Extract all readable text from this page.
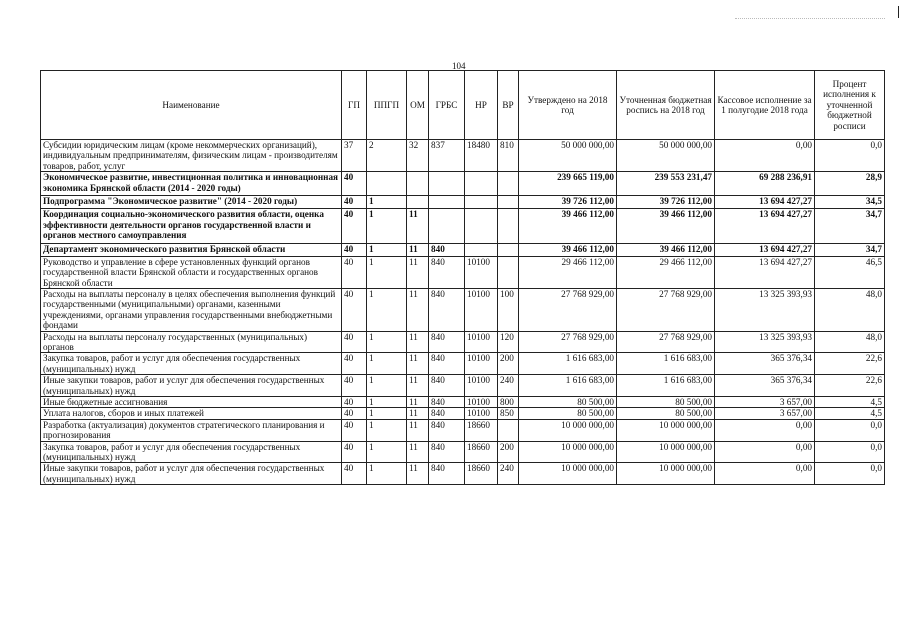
104
Наименование	ГП	ППГП	ОМ	ГРБС	НР	ВР	Утверждено на 2018 год	Уточненная бюджетная роспись на 2018 год	Кассовое исполнение за 1 полугодие 2018 года	Процент исполнения к уточненной бюджетной росписи
Субсидии юридическим лицам (кроме некоммерческих организаций), индивидуальным предпринимателям, физическим лицам - производителям товаров, работ, услуг	37	2	32	837	18480	810	50 000 000,00	50 000 000,00	0,00	0,0
Экономическое развитие, инвестиционная политика и инновационная экономика Брянской области (2014 - 2020 годы)	40						239 665 119,00	239 553 231,47	69 288 236,91	28,9
Подпрограмма "Экономическое развитие" (2014 - 2020 годы)	40	1					39 726 112,00	39 726 112,00	13 694 427,27	34,5
Координация социально-экономического развития области, оценка эффективности деятельности органов государственной власти и органов местного самоуправления	40	1	11				39 466 112,00	39 466 112,00	13 694 427,27	34,7
Департамент экономического развития Брянской области	40	1	11	840			39 466 112,00	39 466 112,00	13 694 427,27	34,7
Руководство и управление в сфере установленных функций органов государственной власти Брянской области и государственных органов Брянской области	40	1	11	840	10100		29 466 112,00	29 466 112,00	13 694 427,27	46,5
Расходы на выплаты персоналу в целях обеспечения выполнения функций государственными (муниципальными) органами, казенными учреждениями, органами управления государственными внебюджетными фондами	40	1	11	840	10100	100	27 768 929,00	27 768 929,00	13 325 393,93	48,0
Расходы на выплаты персоналу государственных (муниципальных) органов	40	1	11	840	10100	120	27 768 929,00	27 768 929,00	13 325 393,93	48,0
Закупка товаров, работ и услуг для обеспечения государственных (муниципальных) нужд	40	1	11	840	10100	200	1 616 683,00	1 616 683,00	365 376,34	22,6
Иные закупки товаров, работ и услуг для обеспечения государственных (муниципальных) нужд	40	1	11	840	10100	240	1 616 683,00	1 616 683,00	365 376,34	22,6
Иные бюджетные ассигнования	40	1	11	840	10100	800	80 500,00	80 500,00	3 657,00	4,5
Уплата налогов, сборов и иных платежей	40	1	11	840	10100	850	80 500,00	80 500,00	3 657,00	4,5
Разработка (актуализация) документов стратегического планирования и прогнозирования	40	1	11	840	18660		10 000 000,00	10 000 000,00	0,00	0,0
Закупка товаров, работ и услуг для обеспечения государственных (муниципальных) нужд	40	1	11	840	18660	200	10 000 000,00	10 000 000,00	0,00	0,0
Иные закупки товаров, работ и услуг для обеспечения государственных (муниципальных) нужд	40	1	11	840	18660	240	10 000 000,00	10 000 000,00	0,00	0,0
